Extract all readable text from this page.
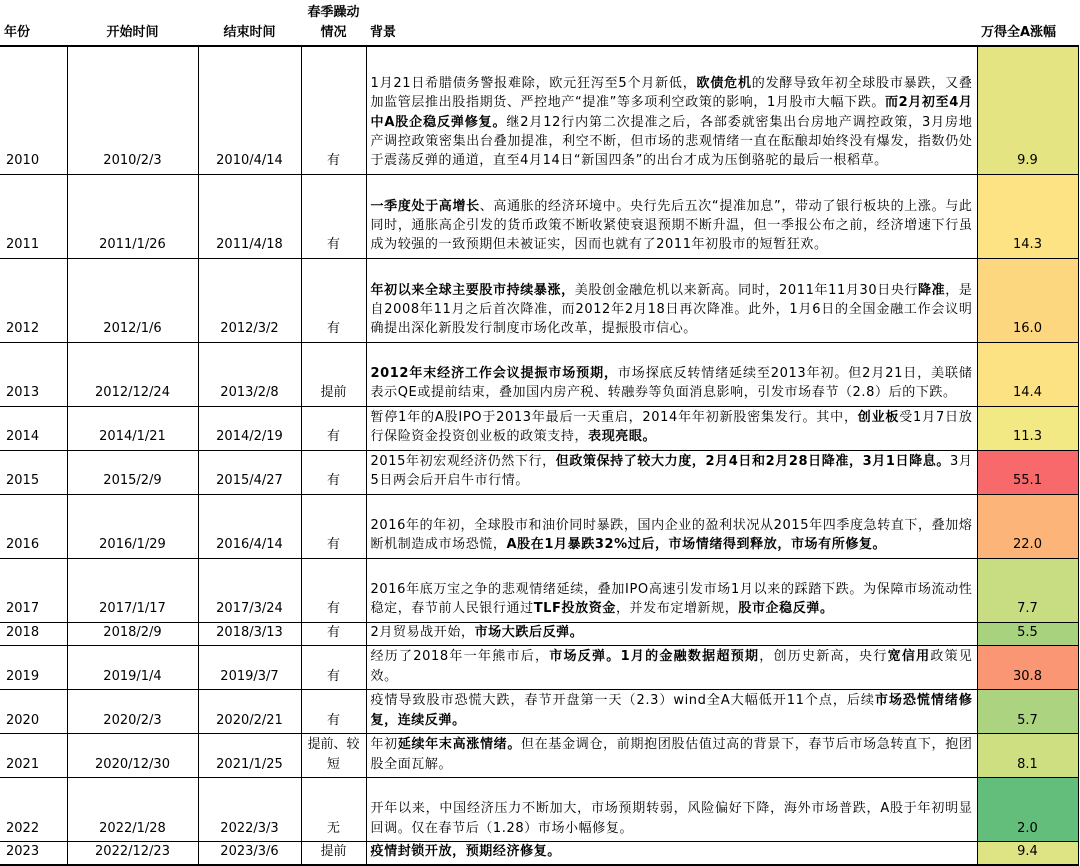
年份	开始时间	结束时间	春季躁动情况	背景	万得全A涨幅
2010	2010/2/3	2010/4/14	有	1月21日希腊债务警报难除，欧元狂泻至5个月新低，欧债危机的发酵导致年初全球股市暴跌，又叠加监管层推出股指期货、严控地产“提准”等多项利空政策的影响，1月股市大幅下跌。而2月初至4月中A股企稳反弹修复。继2月12行内第二次提准之后，各部委就密集出台房地产调控政策，3月房地产调控政策密集出台叠加提准，利空不断，但市场的悲观情绪一直在酝酿却始终没有爆发，指数仍处于震荡反弹的通道，直至4月14日“新国四条”的出台才成为压倒骆驼的最后一根稻草。	9.9
2011	2011/1/26	2011/4/18	有	一季度处于高增长、高通胀的经济环境中。央行先后五次“提准加息”，带动了银行板块的上涨。与此同时，通胀高企引发的货币政策不断收紧使衰退预期不断升温，但一季报公布之前，经济增速下行虽成为较强的一致预期但未被证实，因而也就有了2011年初股市的短暂狂欢。	14.3
2012	2012/1/6	2012/3/2	有	年初以来全球主要股市持续暴涨，美股创金融危机以来新高。同时，2011年11月30日央行降准，是自2008年11月之后首次降准，而2012年2月18日再次降准。此外，1月6日的全国金融工作会议明确提出深化新股发行制度市场化改革，提振股市信心。	16.0
2013	2012/12/24	2013/2/8	提前	2012年末经济工作会议提振市场预期，市场探底反转情绪延续至2013年初。但2月21日，美联储表示QE或提前结束，叠加国内房产税、转融券等负面消息影响，引发市场春节（2.8）后的下跌。	14.4
2014	2014/1/21	2014/2/19	有	暂停1年的A股IPO于2013年最后一天重启，2014年年初新股密集发行。其中，创业板受1月7日放行保险资金投资创业板的政策支持，表现亮眼。	11.3
2015	2015/2/9	2015/4/27	有	2015年初宏观经济仍然下行，但政策保持了较大力度，2月4日和2月28日降准，3月1日降息。3月5日两会后开启牛市行情。	55.1
2016	2016/1/29	2016/4/14	有	2016年的年初，全球股市和油价同时暴跌，国内企业的盈利状况从2015年四季度急转直下，叠加熔断机制造成市场恐慌，A股在1月暴跌32%过后，市场情绪得到释放，市场有所修复。	22.0
2017	2017/1/17	2017/3/24	有	2016年底万宝之争的悲观情绪延续，叠加IPO高速引发市场1月以来的踩踏下跌。为保障市场流动性稳定，春节前人民银行通过TLF投放资金，并发布定增新规，股市企稳反弹。	7.7
2018	2018/2/9	2018/3/13	有	2月贸易战开始，市场大跌后反弹。	5.5
2019	2019/1/4	2019/3/7	有	经历了2018年一年熊市后，市场反弹。1月的金融数据超预期，创历史新高，央行宽信用政策见效。	30.8
2020	2020/2/3	2020/2/21	有	疫情导致股市恐慌大跌，春节开盘第一天（2.3）wind全A大幅低开11个点，后续市场恐慌情绪修复，连续反弹。	5.7
2021	2020/12/30	2021/1/25	提前、较短	年初延续年末高涨情绪。但在基金调仓，前期抱团股估值过高的背景下，春节后市场急转直下，抱团股全面瓦解。	8.1
2022	2022/1/28	2022/3/3	无	开年以来，中国经济压力不断加大，市场预期转弱，风险偏好下降，海外市场普跌，A股于年初明显回调。仅在春节后（1.28）市场小幅修复。	2.0
2023	2022/12/23	2023/3/6	提前	疫情封锁开放，预期经济修复。	9.4
